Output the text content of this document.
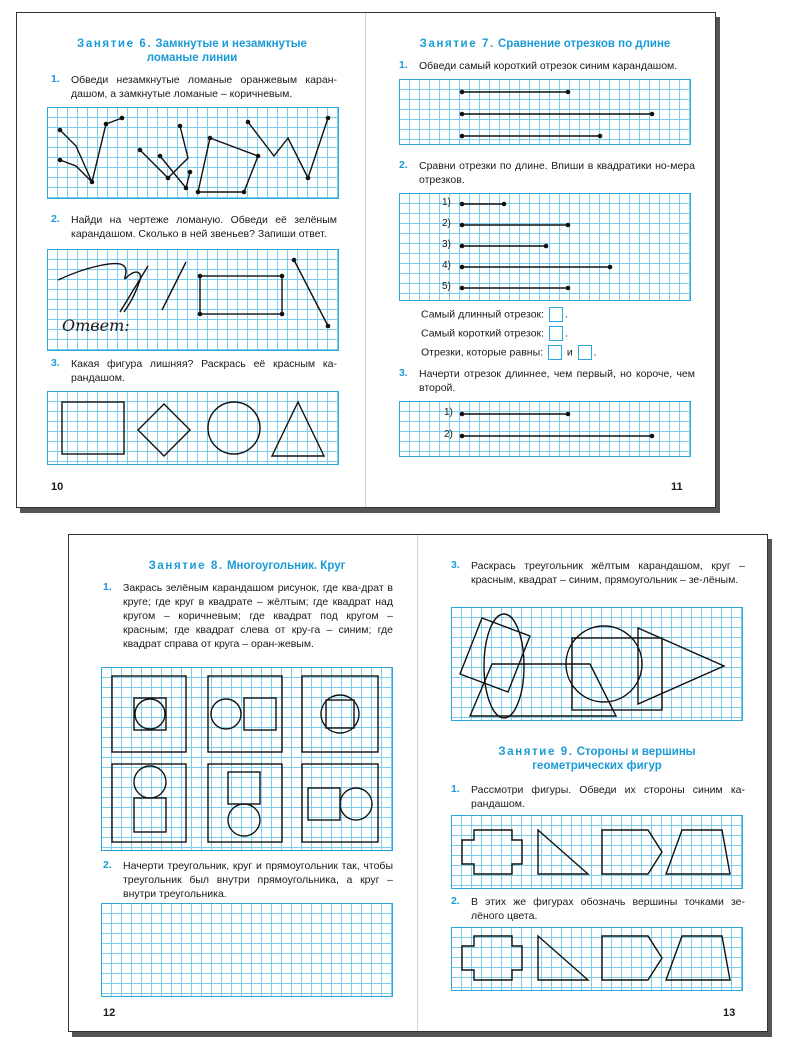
Занятие 6. Замкнутые и незамкнутые
ломаные линии
1. Обведи незамкнутые ломаные оранжевым каран-дашом, а замкнутые ломаные – коричневым.
2. Найди на чертеже ломаную. Обведи её зелёным карандашом. Сколько в ней звеньев? Запиши ответ.
Ответ:
3. Какая фигура лишняя? Раскрась её красным ка-рандашом.
10
Занятие 7. Сравнение отрезков по длине
1. Обведи самый короткий отрезок синим карандашом.
2. Сравни отрезки по длине. Впиши в квадратики но-мера отрезков.
1)
2)
3)
4)
5)
Самый длинный отрезок: .
Самый короткий отрезок: .
Отрезки, которые равны: и .
3. Начерти отрезок длиннее, чем первый, но короче, чем второй.
1)
2)
11
Занятие 8. Многоугольник. Круг
1. Закрась зелёным карандашом рисунок, где ква-драт в круге; где круг в квадрате – жёлтым; где квадрат над кругом – коричневым; где квадрат под кругом – красным; где квадрат слева от кру-га – синим; где квадрат справа от круга – оран-жевым.
2. Начерти треугольник, круг и прямоугольник так, чтобы треугольник был внутри прямоугольника, а круг – внутри треугольника.
12
3. Раскрась треугольник жёлтым карандашом, круг – красным, квадрат – синим, прямоугольник – зе-лёным.
Занятие 9. Стороны и вершины
геометрических фигур
1. Рассмотри фигуры. Обведи их стороны синим ка-рандашом.
2. В этих же фигурах обозначь вершины точками зе-лёного цвета.
13
